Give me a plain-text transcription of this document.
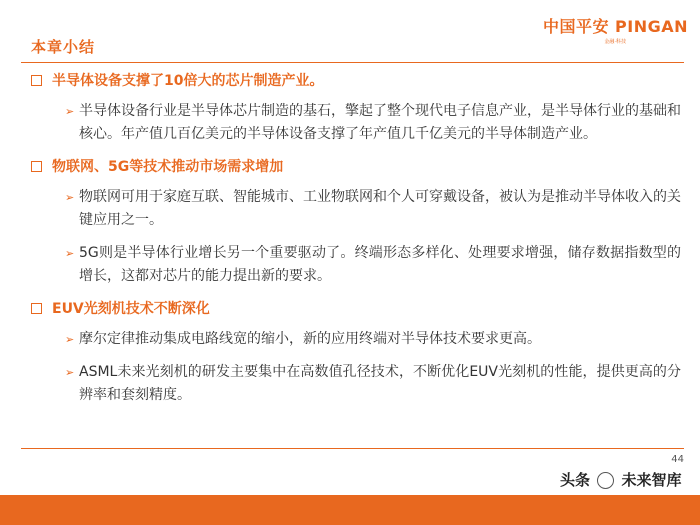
本章小结
中国平安 PINGAN
金融·科技
半导体设备支撑了10倍大的芯片制造产业。
➢ 半导体设备行业是半导体芯片制造的基石，擎起了整个现代电子信息产业，是半导体行业的基础和核心。年产值几百亿美元的半导体设备支撑了年产值几千亿美元的半导体制造产业。
物联网、5G等技术推动市场需求增加
➢ 物联网可用于家庭互联、智能城市、工业物联网和个人可穿戴设备，被认为是推动半导体收入的关键应用之一。
➢ 5G则是半导体行业增长另一个重要驱动了。终端形态多样化、处理要求增强，储存数据指数型的增长，这都对芯片的能力提出新的要求。
EUV光刻机技术不断深化
➢ 摩尔定律推动集成电路线宽的缩小，新的应用终端对半导体技术要求更高。
➢ ASML未来光刻机的研发主要集中在高数值孔径技术，不断优化EUV光刻机的性能，提供更高的分辨率和套刻精度。
44
头条 未来智库
